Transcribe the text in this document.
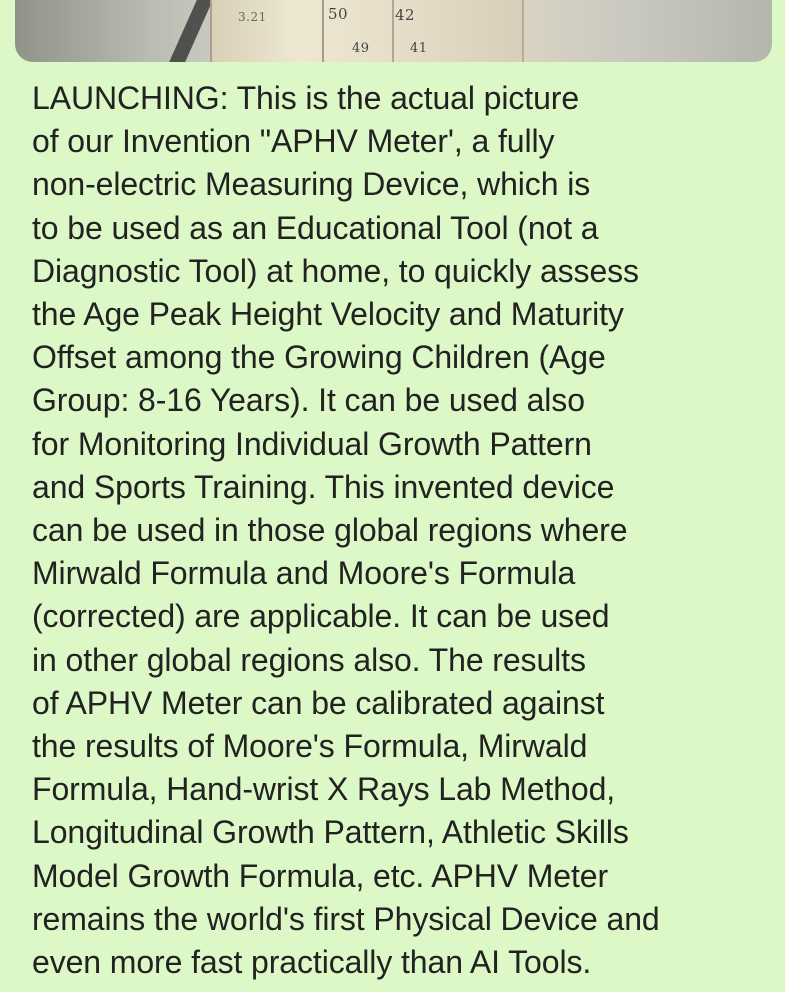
3.21	50	42
49	41
LAUNCHING: This is the actual picture
of our Invention "APHV Meter', a fully
non-electric Measuring Device, which is
to be used as an Educational Tool (not a
Diagnostic Tool) at home, to quickly assess
the Age Peak Height Velocity and Maturity
Offset among the Growing Children (Age
Group: 8-16 Years). It can be used also
for Monitoring Individual Growth Pattern
and Sports Training. This invented device
can be used in those global regions where
Mirwald Formula and Moore's Formula
(corrected) are applicable. It can be used
in other global regions also. The results
of APHV Meter can be calibrated against
the results of Moore's Formula, Mirwald
Formula, Hand-wrist X Rays Lab Method,
Longitudinal Growth Pattern, Athletic Skills
Model Growth Formula, etc. APHV Meter
remains the world's first Physical Device and
even more fast practically than AI Tools.
